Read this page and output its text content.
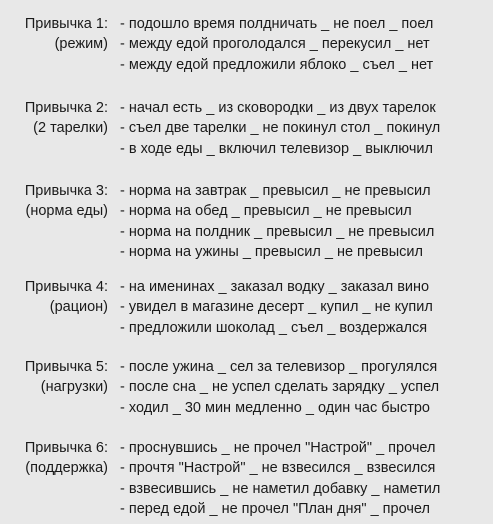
Привычка 1:
(режим)
- подошло время полдничать _ не поел _ поел
- между едой проголодался _ перекусил _ нет
- между едой предложили яблоко _ съел _ нет
Привычка 2:
(2 тарелки)
- начал есть _ из сковородки _ из двух тарелок
- съел две тарелки _ не покинул стол _ покинул
- в ходе еды _ включил телевизор _ выключил
Привычка 3:
(норма еды)
- норма на завтрак _ превысил _ не превысил
- норма на обед _ превысил _ не превысил
- норма на полдник _ превысил _ не превысил
- норма на ужины _ превысил _ не превысил
Привычка 4:
(рацион)
- на именинах _ заказал водку _ заказал вино
- увидел в магазине десерт _ купил _ не купил
- предложили шоколад _ съел _ воздержался
Привычка 5:
(нагрузки)
- после ужина _ сел за телевизор _ прогулялся
- после сна _ не успел сделать зарядку _ успел
- ходил _ 30 мин медленно _ один час быстро
Привычка 6:
(поддержка)
- проснувшись _ не прочел "Настрой" _ прочел
- прочтя "Настрой" _ не взвесился _ взвесился
- взвесившись _ не наметил добавку _ наметил
- перед едой _ не прочел "План дня" _ прочел
